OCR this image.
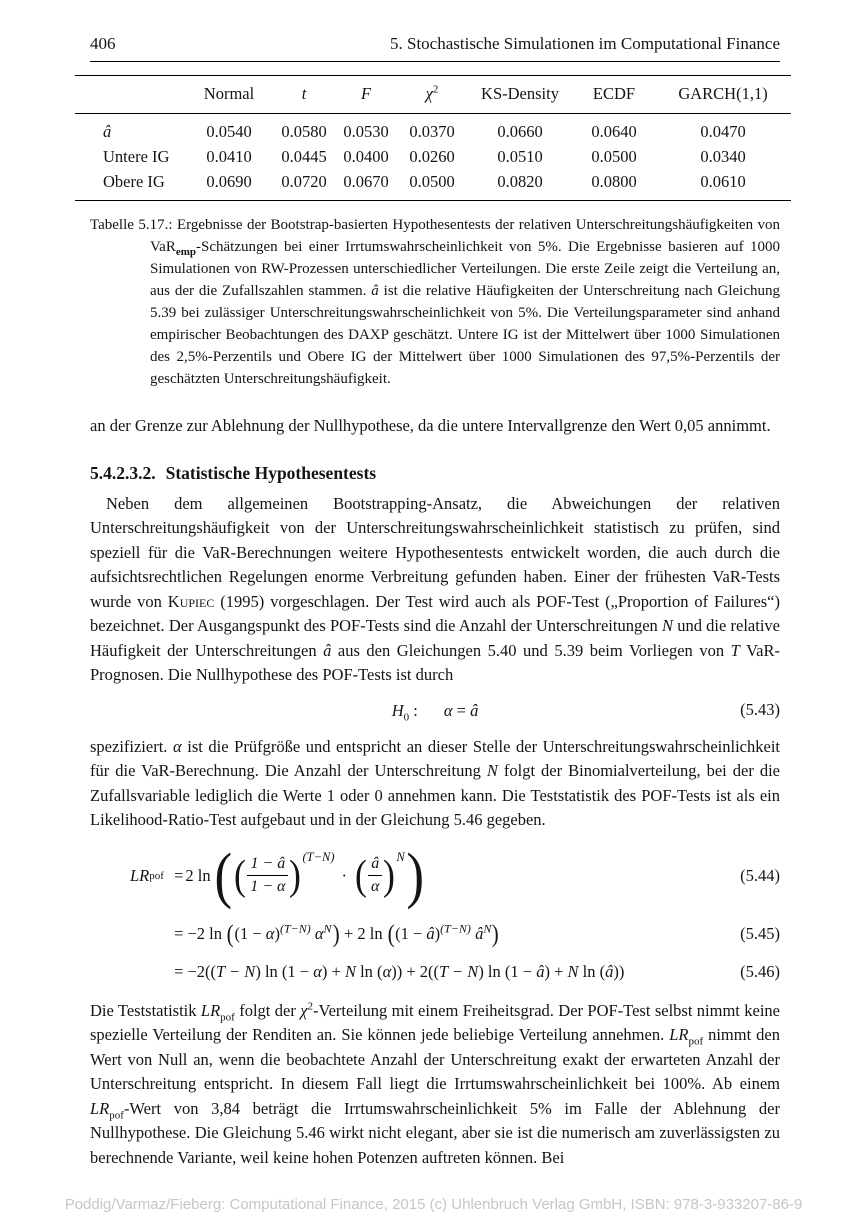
406	5. Stochastische Simulationen im Computational Finance
	Normal	t	F	$\chi^2$	KS-Density	ECDF	GARCH(1,1)
â	0.0540	0.0580	0.0530	0.0370	0.0660	0.0640	0.0470
Untere IG	0.0410	0.0445	0.0400	0.0260	0.0510	0.0500	0.0340
Obere IG	0.0690	0.0720	0.0670	0.0500	0.0820	0.0800	0.0610

Tabelle 5.17.: Ergebnisse der Bootstrap-basierten Hypothesentests der relativen Unterschreitungshäufigkeiten von VaR$_{emp}$-Schätzungen bei einer Irrtumswahrscheinlichkeit von 5%. Die Ergebnisse basieren auf 1000 Simulationen von RW-Prozessen unterschiedlicher Verteilungen. Die erste Zeile zeigt die Verteilung an, aus der die Zufallszahlen stammen. â ist die relative Häufigkeiten der Unterschreitung nach Gleichung 5.39 bei zulässiger Unterschreitungswahrscheinlichkeit von 5%. Die Verteilungsparameter sind anhand empirischer Beobachtungen des DAXP geschätzt. Untere IG ist der Mittelwert über 1000 Simulationen des 2,5%-Perzentils und Obere IG der Mittelwert über 1000 Simulationen des 97,5%-Perzentils der geschätzten Unterschreitungshäufigkeit.

an der Grenze zur Ablehnung der Nullhypothese, da die untere Intervallgrenze den Wert 0,05 annimmt.

5.4.2.3.2. Statistische Hypothesentests

Neben dem allgemeinen Bootstrapping-Ansatz, die Abweichungen der relativen Unterschreitungshäufigkeit von der Unterschreitungswahrscheinlichkeit statistisch zu prüfen, sind speziell für die VaR-Berechnungen weitere Hypothesentests entwickelt worden, die auch durch die aufsichtsrechtlichen Regelungen enorme Verbreitung gefunden haben. Einer der frühesten VaR-Tests wurde von Kupiec (1995) vorgeschlagen. Der Test wird auch als POF-Test („Proportion of Failures“) bezeichnet. Der Ausgangspunkt des POF-Tests sind die Anzahl der Unterschreitungen N und die relative Häufigkeit der Unterschreitungen â aus den Gleichungen 5.40 und 5.39 beim Vorliegen von T VaR-Prognosen. Die Nullhypothese des POF-Tests ist durch

$H_0$ : α = â	(5.43)

spezifiziert. α ist die Prüfgröße und entspricht an dieser Stelle der Unterschreitungswahrscheinlichkeit für die VaR-Berechnung. Die Anzahl der Unterschreitung N folgt der Binomialverteilung, bei der die Zufallsvariable lediglich die Werte 1 oder 0 annehmen kann. Die Teststatistik des POF-Tests ist als ein Likelihood-Ratio-Test aufgebaut und in der Gleichung 5.46 gegeben.

LR pof
= 2 ln ( ( $\frac{1 - â}{1 - \alpha}$ ) (T−N)
· ( $\frac{â}{\alpha}$ ) N )	(5.44)
= −2 $\ln ((1 - \alpha)^{(T-N)}$ $\alpha^N) + 2$ ln ((1 − â)$^{(T-N)}$ $â^N$)	(5.45)
= −2((T − N) ln (1 − α) + N ln (α)) + 2((T − N) ln (1 − â) + N ln (â))	(5.46)

Die Teststatistik $LR_{pof}$ folgt der $\chi^2$-Verteilung mit einem Freiheitsgrad. Der POF-Test selbst nimmt keine spezielle Verteilung der Renditen an. Sie können jede beliebige Verteilung annehmen. $LR_{pof}$ nimmt den Wert von Null an, wenn die beobachtete Anzahl der Unterschreitung exakt der erwarteten Anzahl der Unterschreitung entspricht. In diesem Fall liegt die Irrtumswahrscheinlichkeit bei 100%. Ab einem $LR_{pof}$-Wert von 3,84 beträgt die Irrtumswahrscheinlichkeit 5% im Falle der Ablehnung der Nullhypothese. Die Gleichung 5.46 wirkt nicht elegant, aber sie ist die numerisch am zuverlässigsten zu berechnende Variante, weil keine hohen Potenzen auftreten können. Bei

Poddig/Varmaz/Fieberg: Computational Finance, 2015 (c) Uhlenbruch Verlag GmbH, ISBN: 978-3-933207-86-9
